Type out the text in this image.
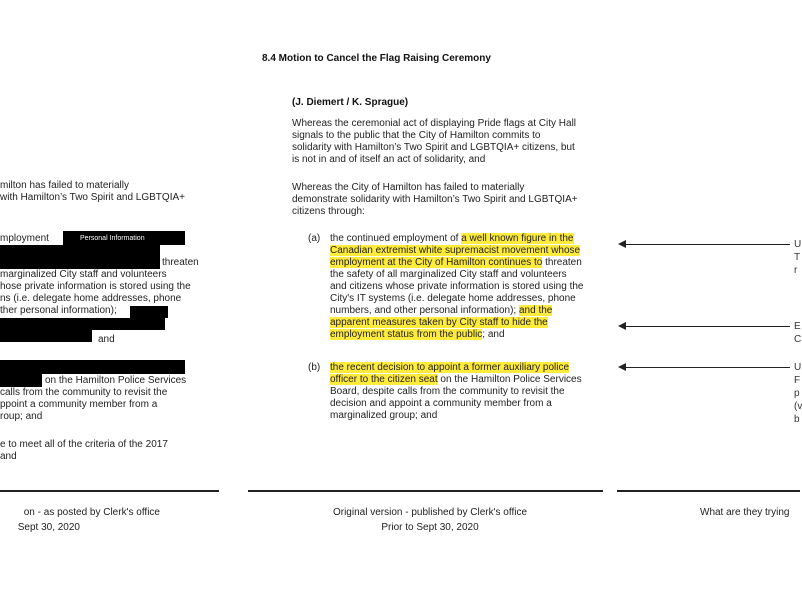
8.4 Motion to Cancel the Flag Raising Ceremony
(J. Diemert / K. Sprague)
Whereas the ceremonial act of displaying Pride flags at City Hall
signals to the public that the City of Hamilton commits to
solidarity with Hamilton’s Two Spirit and LGBTQIA+ citizens, but
is not in and of itself an act of solidarity, and
Whereas the City of Hamilton has failed to materially
demonstrate solidarity with Hamilton’s Two Spirit and LGBTQIA+
citizens through:
(a) the continued employment of a well known figure in the
Canadian extremist white supremacist movement whose
employment at the City of Hamilton continues to threaten
the safety of all marginalized City staff and volunteers
and citizens whose private information is stored using the
City's IT systems (i.e. delegate home addresses, phone
numbers, and other personal information); and the
apparent measures taken by City staff to hide the
employment status from the public; and
(b) the recent decision to appoint a former auxiliary police
officer to the citizen seat on the Hamilton Police Services
Board, despite calls from the community to revisit the
decision and appoint a community member from a
marginalized group; and
milton has failed to materially
with Hamilton’s Two Spirit and LGBTQIA+
mployment	Personal Information
threaten
marginalized City staff and volunteers
hose private information is stored using the
ns (i.e. delegate home addresses, phone
ther personal information);
and
on the Hamilton Police Services
calls from the community to revisit the
ppoint a community member from a
roup; and
e to meet all of the criteria of the 2017
and
U
T
r
E
C
U
F
p
(v
b
on - as posted by Clerk's office
Sept 30, 2020
Original version - published by Clerk's office
Prior to Sept 30, 2020
What are they trying
